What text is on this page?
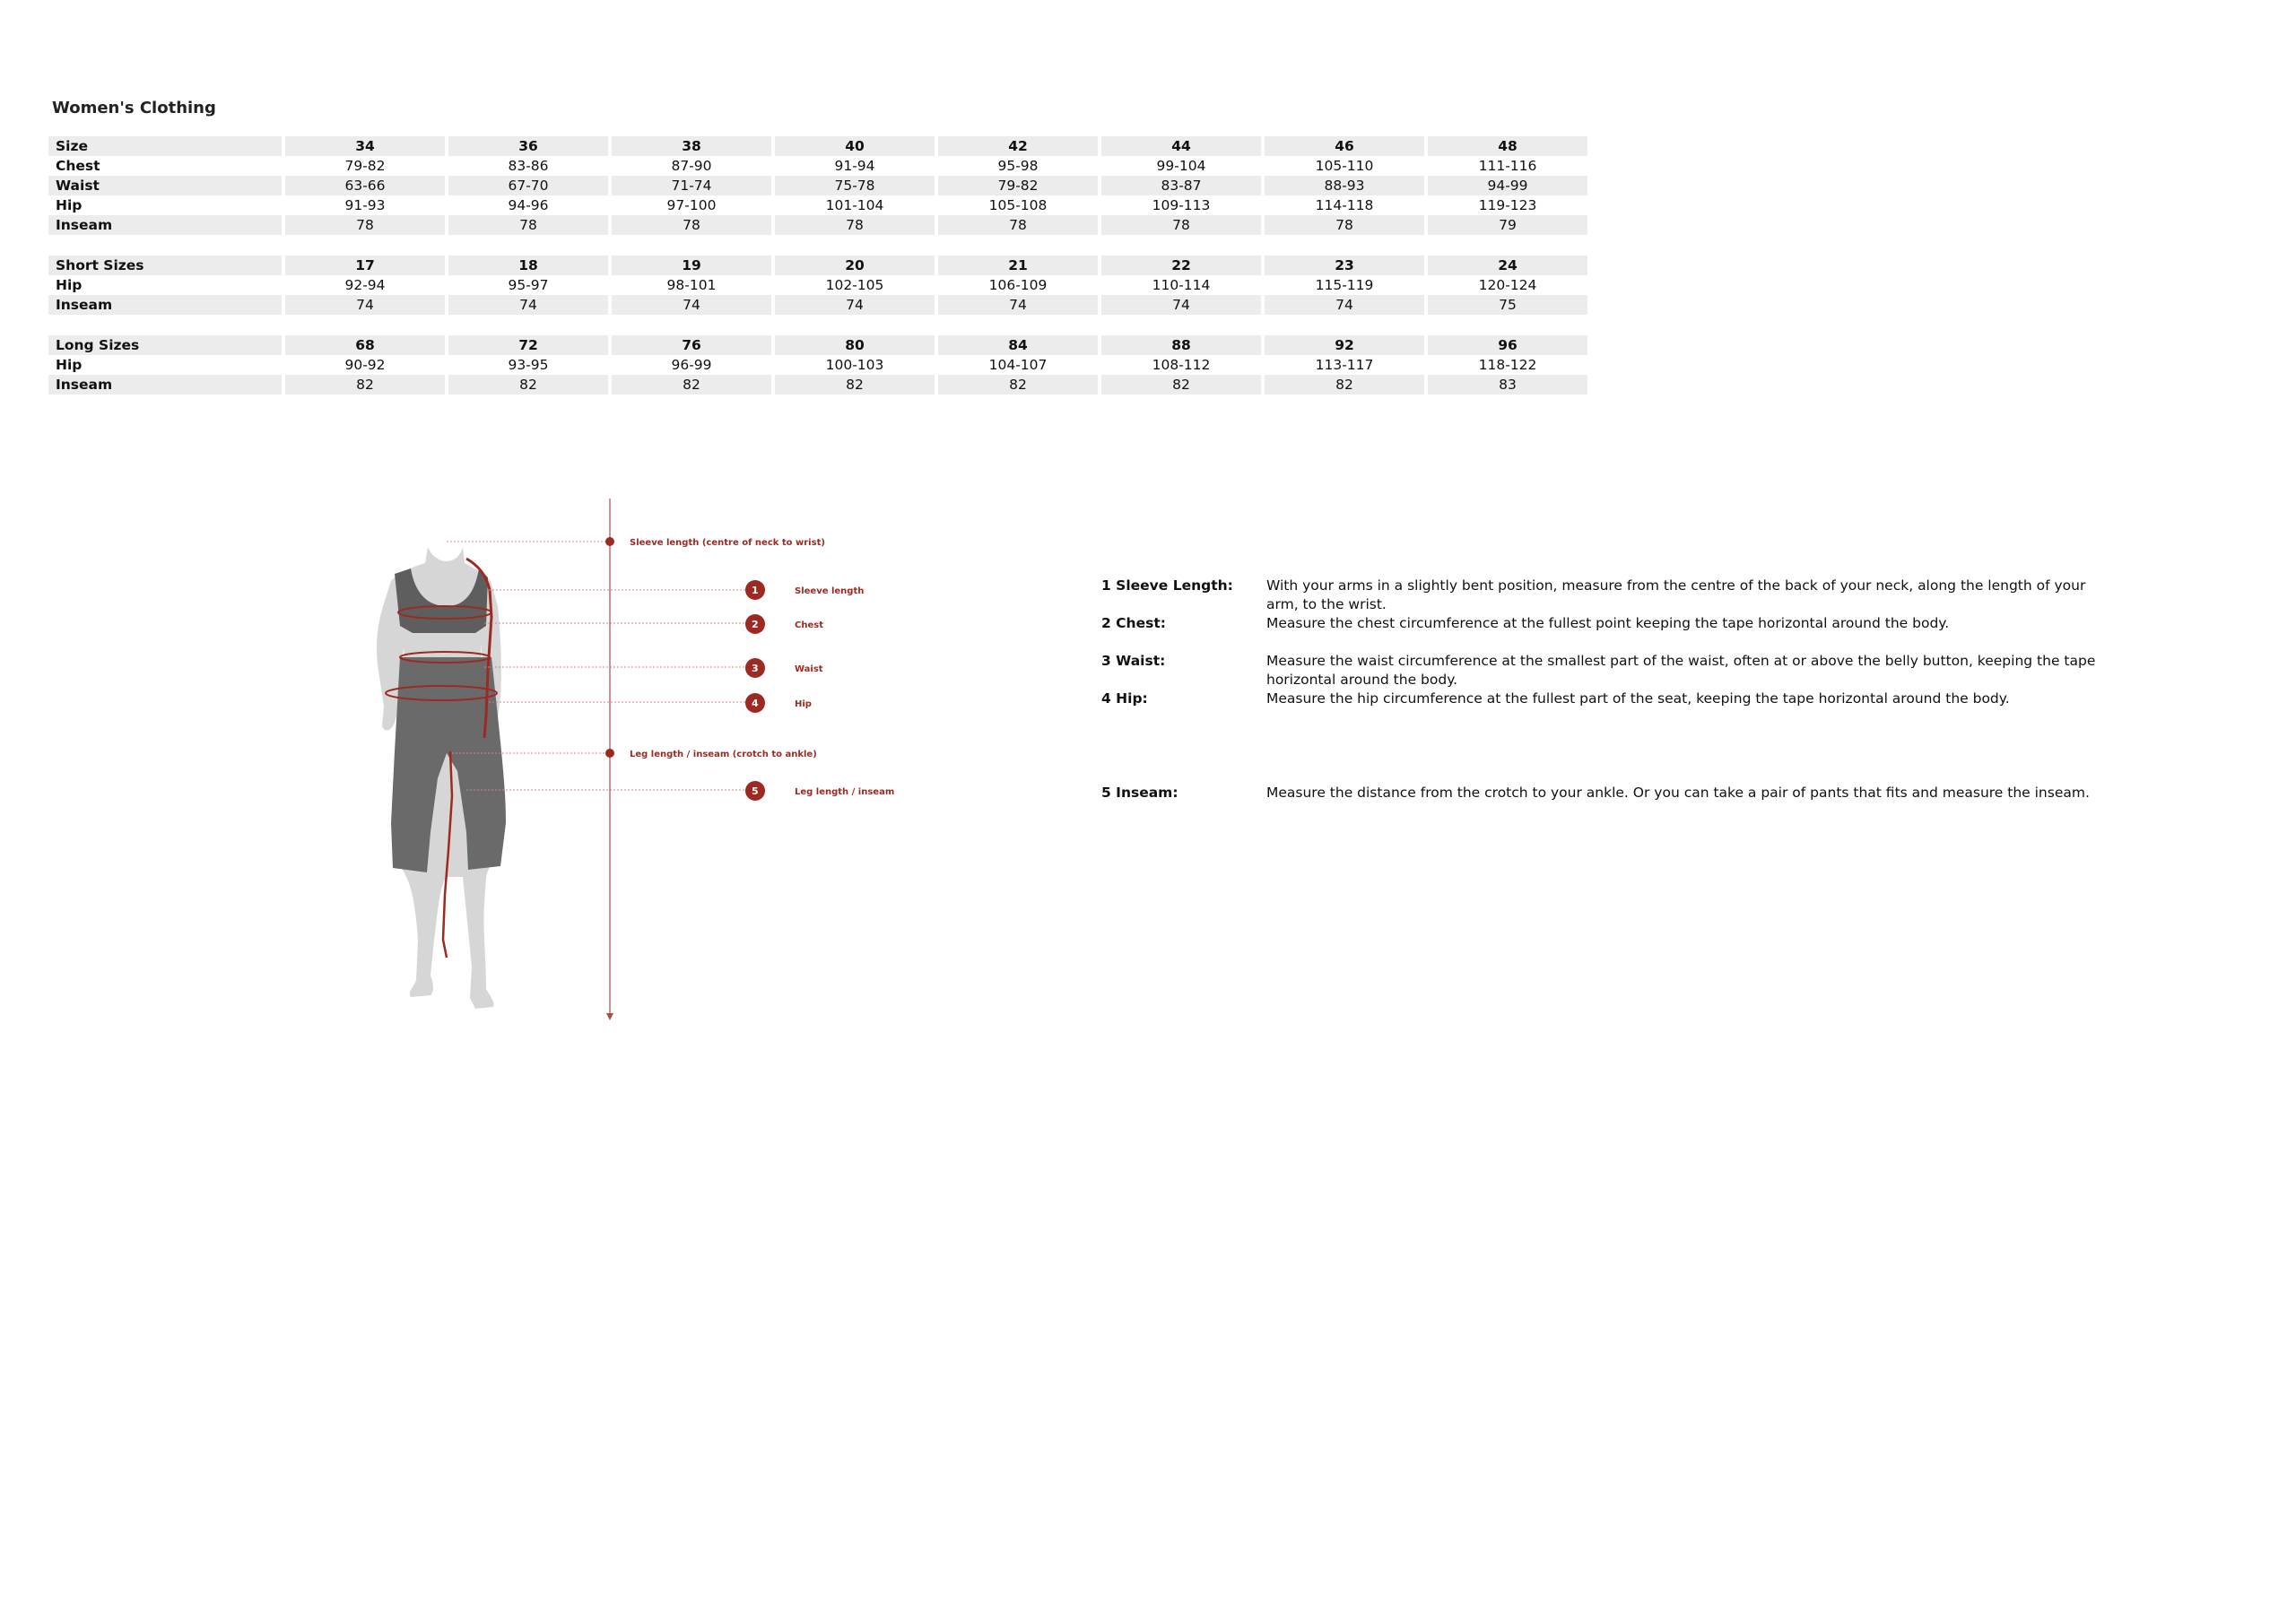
Women's Clothing
Size	34	36	38	40	42	44	46	48
Chest	79-82	83-86	87-90	91-94	95-98	99-104	105-110	111-116
Waist	63-66	67-70	71-74	75-78	79-82	83-87	88-93	94-99
Hip	91-93	94-96	97-100	101-104	105-108	109-113	114-118	119-123
Inseam	78	78	78	78	78	78	78	79

Short Sizes	17	18	19	20	21	22	23	24
Hip	92-94	95-97	98-101	102-105	106-109	110-114	115-119	120-124
Inseam	74	74	74	74	74	74	74	75

Long Sizes	68	72	76	80	84	88	92	96
Hip	90-92	93-95	96-99	100-103	104-107	108-112	113-117	118-122
Inseam	82	82	82	82	82	82	82	83
Sleeve length (centre of neck to wrist)
Leg length / inseam (crotch to ankle)
1	Sleeve length
2	Chest
3	Waist
4	Hip
5	Leg length / inseam
1 Sleeve Length:	With your arms in a slightly bent position, measure from the centre of the back of your neck, along the length of your arm, to the wrist.
2 Chest:	Measure the chest circumference at the fullest point keeping the tape horizontal around the body.
3 Waist:	Measure the waist circumference at the smallest part of the waist, often at or above the belly button, keeping the tape horizontal around the body.
4 Hip:	Measure the hip circumference at the fullest part of the seat, keeping the tape horizontal around the body.
5 Inseam:	Measure the distance from the crotch to your ankle. Or you can take a pair of pants that fits and measure the inseam.
